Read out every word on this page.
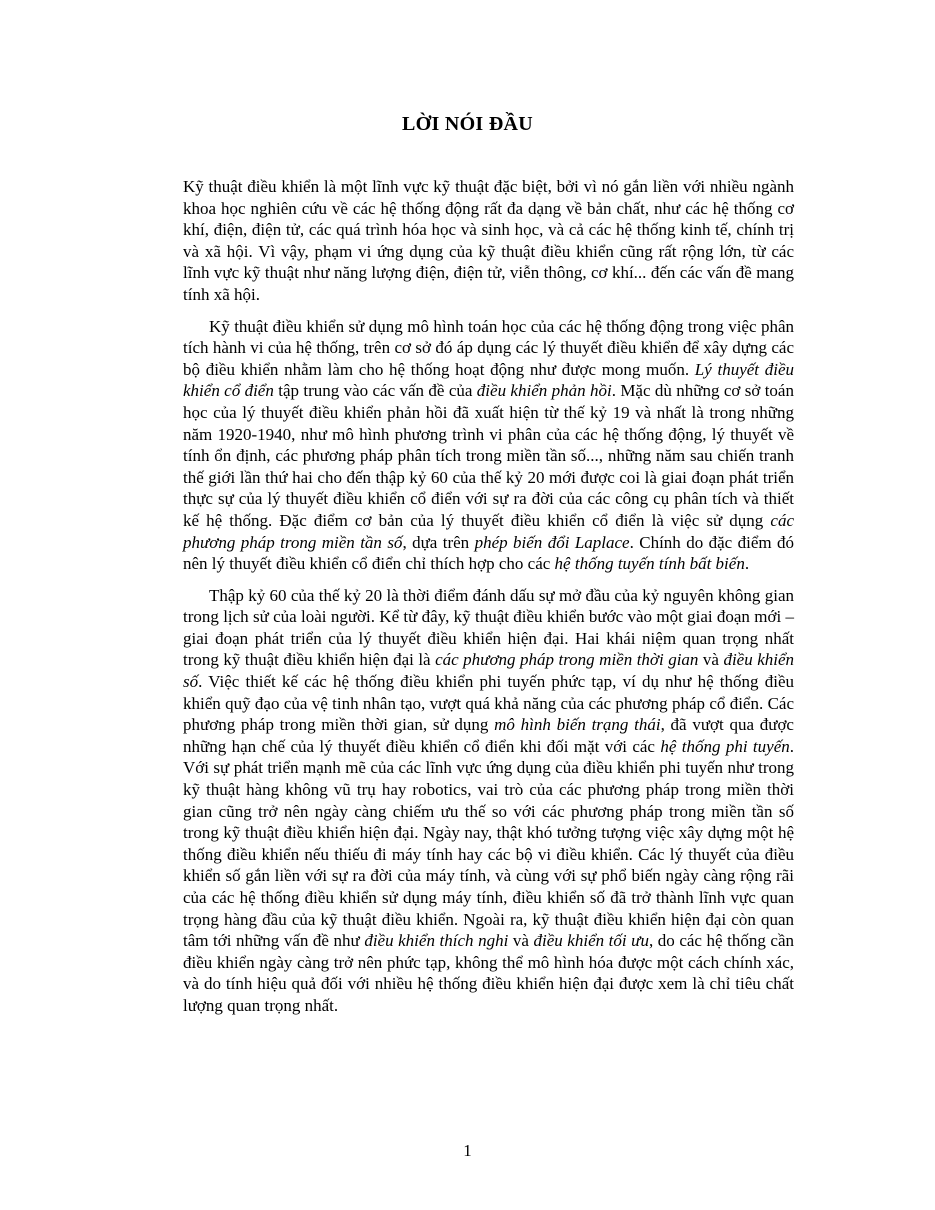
LỜI NÓI ĐẦU

Kỹ thuật điều khiển là một lĩnh vực kỹ thuật đặc biệt, bởi vì nó gắn liền với nhiều ngành khoa học nghiên cứu về các hệ thống động rất đa dạng về bản chất, như các hệ thống cơ khí, điện, điện tử, các quá trình hóa học và sinh học, và cả các hệ thống kinh tế, chính trị và xã hội. Vì vậy, phạm vi ứng dụng của kỹ thuật điều khiển cũng rất rộng lớn, từ các lĩnh vực kỹ thuật như năng lượng điện, điện tử, viễn thông, cơ khí... đến các vấn đề mang tính xã hội.

Kỹ thuật điều khiển sử dụng mô hình toán học của các hệ thống động trong việc phân tích hành vi của hệ thống, trên cơ sở đó áp dụng các lý thuyết điều khiển để xây dựng các bộ điều khiển nhằm làm cho hệ thống hoạt động như được mong muốn. Lý thuyết điều khiển cổ điển tập trung vào các vấn đề của điều khiển phản hồi. Mặc dù những cơ sở toán học của lý thuyết điều khiển phản hồi đã xuất hiện từ thế kỷ 19 và nhất là trong những năm 1920-1940, như mô hình phương trình vi phân của các hệ thống động, lý thuyết về tính ổn định, các phương pháp phân tích trong miền tần số..., những năm sau chiến tranh thế giới lần thứ hai cho đến thập kỷ 60 của thế kỷ 20 mới được coi là giai đoạn phát triển thực sự của lý thuyết điều khiển cổ điển với sự ra đời của các công cụ phân tích và thiết kế hệ thống. Đặc điểm cơ bản của lý thuyết điều khiển cổ điển là việc sử dụng các phương pháp trong miền tần số, dựa trên phép biến đổi Laplace. Chính do đặc điểm đó nên lý thuyết điều khiển cổ điển chỉ thích hợp cho các hệ thống tuyến tính bất biến.

Thập kỷ 60 của thế kỷ 20 là thời điểm đánh dấu sự mở đầu của kỷ nguyên không gian trong lịch sử của loài người. Kể từ đây, kỹ thuật điều khiển bước vào một giai đoạn mới – giai đoạn phát triển của lý thuyết điều khiển hiện đại. Hai khái niệm quan trọng nhất trong kỹ thuật điều khiển hiện đại là các phương pháp trong miền thời gian và điều khiển số. Việc thiết kế các hệ thống điều khiển phi tuyến phức tạp, ví dụ như hệ thống điều khiển quỹ đạo của vệ tinh nhân tạo, vượt quá khả năng của các phương pháp cổ điển. Các phương pháp trong miền thời gian, sử dụng mô hình biến trạng thái, đã vượt qua được những hạn chế của lý thuyết điều khiển cổ điển khi đối mặt với các hệ thống phi tuyến. Với sự phát triển mạnh mẽ của các lĩnh vực ứng dụng của điều khiển phi tuyến như trong kỹ thuật hàng không vũ trụ hay robotics, vai trò của các phương pháp trong miền thời gian cũng trở nên ngày càng chiếm ưu thế so với các phương pháp trong miền tần số trong kỹ thuật điều khiển hiện đại. Ngày nay, thật khó tưởng tượng việc xây dựng một hệ thống điều khiển nếu thiếu đi máy tính hay các bộ vi điều khiển. Các lý thuyết của điều khiển số gắn liền với sự ra đời của máy tính, và cùng với sự phổ biến ngày càng rộng rãi của các hệ thống điều khiển sử dụng máy tính, điều khiển số đã trở thành lĩnh vực quan trọng hàng đầu của kỹ thuật điều khiển. Ngoài ra, kỹ thuật điều khiển hiện đại còn quan tâm tới những vấn đề như điều khiển thích nghi và điều khiển tối ưu, do các hệ thống cần điều khiển ngày càng trở nên phức tạp, không thể mô hình hóa được một cách chính xác, và do tính hiệu quả đối với nhiều hệ thống điều khiển hiện đại được xem là chỉ tiêu chất lượng quan trọng nhất.

1
